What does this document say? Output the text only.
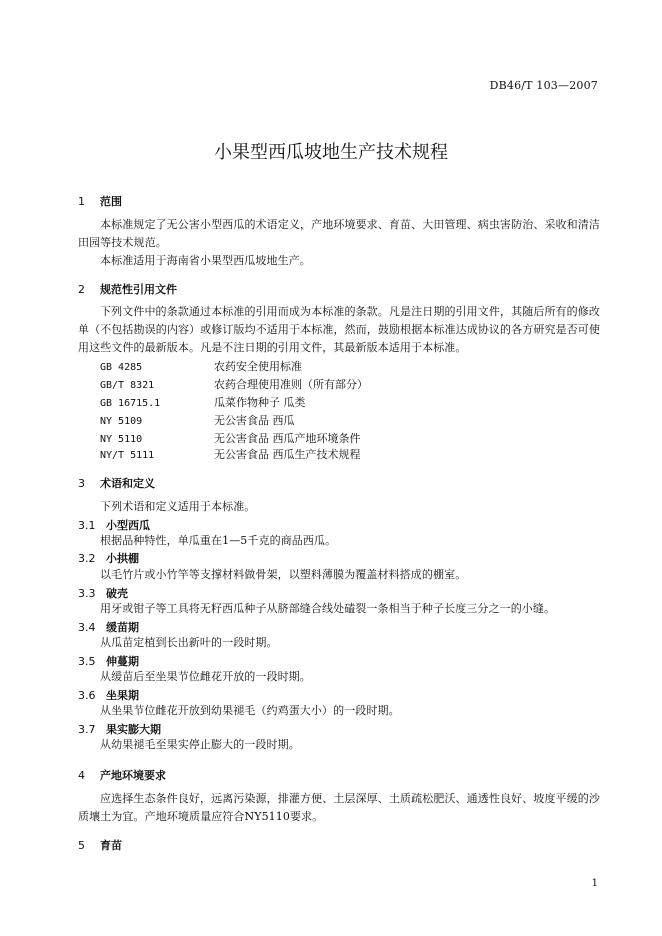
DB46/T 103—2007
小果型西瓜坡地生产技术规程
1 范围
本标准规定了无公害小型西瓜的术语定义，产地环境要求、育苗、大田管理、病虫害防治、采收和清洁田园等技术规范。
本标准适用于海南省小果型西瓜坡地生产。
2 规范性引用文件
下列文件中的条款通过本标准的引用而成为本标准的条款。凡是注日期的引用文件，其随后所有的修改单（不包括勘误的内容）或修订版均不适用于本标准，然而，鼓励根据本标准达成协议的各方研究是否可使用这些文件的最新版本。凡是不注日期的引用文件，其最新版本适用于本标准。
GB 4285	农药安全使用标准
GB/T 8321	农药合理使用准则（所有部分）
GB 16715.1	瓜菜作物种子 瓜类
NY 5109	无公害食品 西瓜
NY 5110	无公害食品 西瓜产地环境条件
NY/T 5111	无公害食品 西瓜生产技术规程
3 术语和定义
下列术语和定义适用于本标准。
3.1 小型西瓜
根据品种特性，单瓜重在1—5千克的商品西瓜。
3.2 小拱棚
以毛竹片或小竹竿等支撑材料做骨架，以塑料薄膜为覆盖材料搭成的棚室。
3.3 破壳
用牙或钳子等工具将无籽西瓜种子从脐部缝合线处磕裂一条相当于种子长度三分之一的小缝。
3.4 缓苗期
从瓜苗定植到长出新叶的一段时期。
3.5 伸蔓期
从缓苗后至坐果节位雌花开放的一段时期。
3.6 坐果期
从坐果节位雌花开放到幼果褪毛（约鸡蛋大小）的一段时期。
3.7 果实膨大期
从幼果褪毛至果实停止膨大的一段时期。
4 产地环境要求
应选择生态条件良好，远离污染源，排灌方便、土层深厚、土质疏松肥沃、通透性良好、坡度平缓的沙质壤土为宜。产地环境质量应符合NY5110要求。
5 育苗
1
